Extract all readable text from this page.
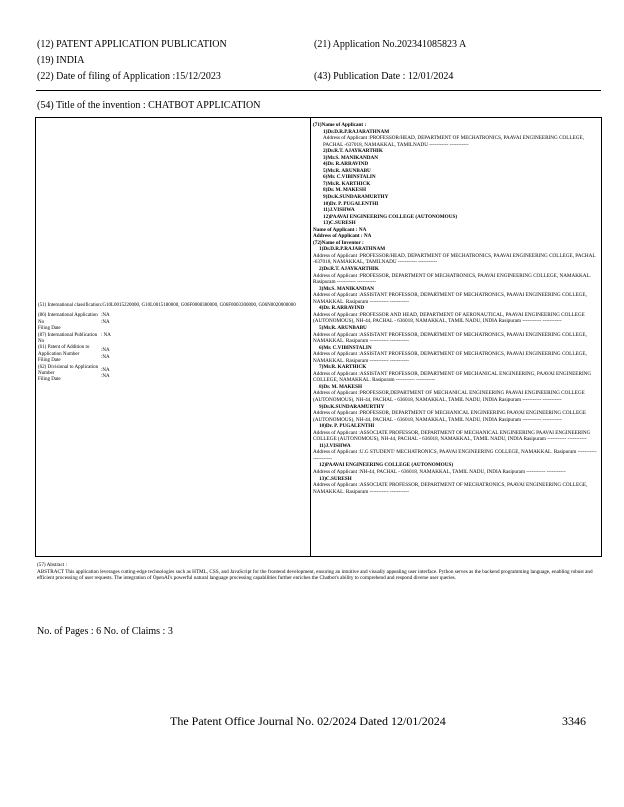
(12) PATENT APPLICATION PUBLICATION
(19) INDIA
(22) Date of filing of Application :15/12/2023
(21) Application No.202341085823 A
(43) Publication Date : 12/01/2024
(54) Title of the invention : CHATBOT APPLICATION
(51) International classification :G10L0015220000, G10L0015180000, G06F0008380000, G06F0003300000, G06N0020000000
(86) International Application No
Filing Date
:NA
:NA
(87) International Publication No
: NA
(61) Patent of Addition to Application Number
Filing Date
:NA
:NA
(62) Divisional to Application Number
Filing Date
:NA
:NA
(71)Name of Applicant :
1)Dr.D.R.P.RAJARATHNAM
Address of Applicant :PROFESSOR/HEAD, DEPARTMENT OF MECHATRONICS, PAAVAI ENGINEERING COLLEGE, PACHAL -637018, NAMAKKAL, TAMILNADU ----------- -----------
2)Dr.R.T. AJAYKARTHIK
3)Mr.S. MANIKANDAN
4)Dr. R.ARRAVIND
5)Mr.R. ARUNBABU
6)Mr. C.VIBINSTALIN
7)Mr.R. KARTHICK
8)Dr. M. MAKESH
9)Dr.K.SUNDARAMURTHY
10)Dr. P. PUGALENTHI
11)J.VISHWA
12)PAAVAI ENGINEERING COLLEGE (AUTONOMOUS)
13)C.SURESH
Name of Applicant : NA
Address of Applicant : NA
(72)Name of Inventor :
1)Dr.D.R.P.RAJARATHNAM
Address of Applicant :PROFESSOR/HEAD, DEPARTMENT OF MECHATRONICS, PAAVAI ENGINEERING COLLEGE, PACHAL -637018, NAMAKKAL, TAMILNADU ----------- -----------
2)Dr.R.T. AJAYKARTHIK
Address of Applicant :PROFESSOR, DEPARTMENT OF MECHATRONICS, PAAVAI ENGINEERING COLLEGE, NAMAKKAL. Rasipuram ----------- -----------
3)Mr.S. MANIKANDAN
Address of Applicant :ASSISTANT PROFESSOR, DEPARTMENT OF MECHATRONICS, PAAVAI ENGINEERING COLLEGE, NAMAKKAL. Rasipuram ----------- -----------
4)Dr. R.ARRAVIND
Address of Applicant :PROFESSOR AND HEAD, DEPARTMENT OF AERONAUTICAL, PAAVAI ENGINEERING COLLEGE (AUTONOMOUS), NH-44, PACHAL - 636018, NAMAKKAL, TAMIL NADU, INDIA Rasipuram ----------- -----------
5)Mr.R. ARUNBABU
Address of Applicant :ASSISTANT PROFESSOR, DEPARTMENT OF MECHATRONICS, PAAVAI ENGINEERING COLLEGE, NAMAKKAL. Rasipuram ----------- -----------
6)Mr. C.VIBINSTALIN
Address of Applicant :ASSISTANT PROFESSOR, DEPARTMENT OF MECHATRONICS, PAAVAI ENGINEERING COLLEGE, NAMAKKAL. Rasipuram ----------- -----------
7)Mr.R. KARTHICK
Address of Applicant :ASSISTANT PROFESSOR, DEPARTMENT OF MECHANICAL ENGINEERING, PAAVAI ENGINEERING COLLEGE, NAMAKKAL. Rasipuram ----------- -----------
8)Dr. M. MAKESH
Address of Applicant :PROFESSOR,DEPARTMENT OF MECHANICAL ENGINEERING PAAVAI ENGINEERING COLLEGE (AUTONOMOUS), NH-44, PACHAL - 636018, NAMAKKAL, TAMIL NADU, INDIA Rasipuram ----------- -----------
9)Dr.K.SUNDARAMURTHY
Address of Applicant :PROFESSOR, DEPARTMENT OF MECHANICAL ENGINEERING PAAVAI ENGINEERING COLLEGE (AUTONOMOUS), NH-44, PACHAL - 636018, NAMAKKAL, TAMIL NADU, INDIA Rasipuram ----------- -----------
10)Dr. P. PUGALENTHI
Address of Applicant :ASSOCIATE PROFESSOR, DEPARTMENT OF MECHANICAL ENGINEERING PAAVAI ENGINEERING COLLEGE (AUTONOMOUS), NH-44, PACHAL - 636018, NAMAKKAL, TAMIL NADU, INDIA Rasipuram ----------- -----------
11)J.VISHWA
Address of Applicant :U.G STUDENT/ MECHATRONICS, PAAVAI ENGINEERING COLLEGE, NAMAKKAL. Rasipuram ----------- -----------
12)PAAVAI ENGINEERING COLLEGE (AUTONOMOUS)
Address of Applicant :NH-44, PACHAL - 636018, NAMAKKAL, TAMIL NADU, INDIA Rasipuram ----------- -----------
13)C.SURESH
Address of Applicant :ASSOCIATE PROFESSOR, DEPARTMENT OF MECHATRONICS, PAAVAI ENGINEERING COLLEGE, NAMAKKAL. Rasipuram ----------- -----------
(57) Abstract :
ABSTRACT This application leverages cutting-edge technologies such as HTML, CSS, and JavaScript for the frontend development, ensuring an intuitive and visually appealing user interface. Python serves as the backend programming language, enabling robust and efficient processing of user requests. The integration of OpenAI's powerful natural language processing capabilities further enriches the Chatbot's ability to comprehend and respond diverse user queries.
No. of Pages : 6 No. of Claims : 3
The Patent Office Journal No. 02/2024 Dated 12/01/2024	3346
